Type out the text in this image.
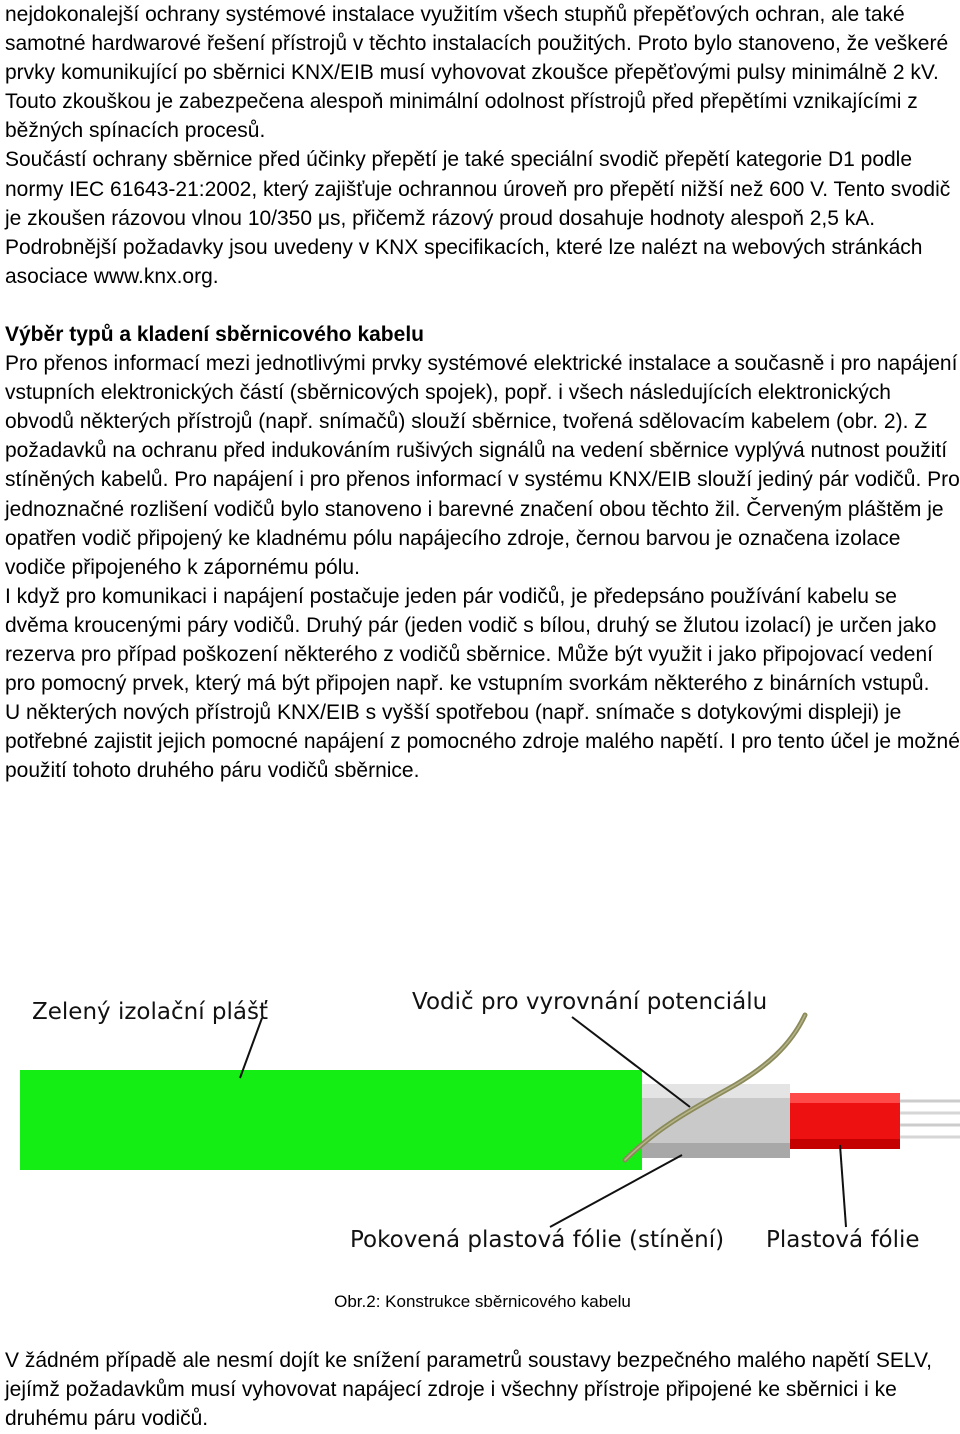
nejdokonalejší ochrany systémové instalace využitím všech stupňů přepěťových ochran, ale také samotné hardwarové řešení přístrojů v těchto instalacích použitých. Proto bylo stanoveno, že veškeré prvky komunikující po sběrnici KNX/EIB musí vyhovovat zkoušce přepěťovými pulsy minimálně 2 kV. Touto zkouškou je zabezpečena alespoň minimální odolnost přístrojů před přepětími vznikajícími z běžných spínacích procesů.

Součástí ochrany sběrnice před účinky přepětí je také speciální svodič přepětí kategorie D1 podle normy IEC 61643-21:2002, který zajišťuje ochrannou úroveň pro přepětí nižší než 600 V. Tento svodič je zkoušen rázovou vlnou 10/350 μs, přičemž rázový proud dosahuje hodnoty alespoň 2,5 kA.

Podrobnější požadavky jsou uvedeny v KNX specifikacích, které lze nalézt na webových stránkách asociace www.knx.org.

Výběr typů a kladení sběrnicového kabelu

Pro přenos informací mezi jednotlivými prvky systémové elektrické instalace a současně i pro napájení vstupních elektronických částí (sběrnicových spojek), popř. i všech následujících elektronických obvodů některých přístrojů (např. snímačů) slouží sběrnice, tvořená sdělovacím kabelem (obr. 2). Z požadavků na ochranu před indukováním rušivých signálů na vedení sběrnice vyplývá nutnost použití stíněných kabelů. Pro napájení i pro přenos informací v systému KNX/EIB slouží jediný pár vodičů. Pro jednoznačné rozlišení vodičů bylo stanoveno i barevné značení obou těchto žil. Červeným pláštěm je opatřen vodič připojený ke kladnému pólu napájecího zdroje, černou barvou je označena izolace vodiče připojeného k zápornému pólu.

I když pro komunikaci i napájení postačuje jeden pár vodičů, je předepsáno používání kabelu se dvěma kroucenými páry vodičů. Druhý pár (jeden vodič s bílou, druhý se žlutou izolací) je určen jako rezerva pro případ poškození některého z vodičů sběrnice. Může být využit i jako připojovací vedení pro pomocný prvek, který má být připojen např. ke vstupním svorkám některého z binárních vstupů.

U některých nových přístrojů KNX/EIB s vyšší spotřebou (např. snímače s dotykovými displeji) je potřebné zajistit jejich pomocné napájení z pomocného zdroje malého napětí. I pro tento účel je možné použití tohoto druhého páru vodičů sběrnice.

Zelený izolační plášť	Vodič pro vyrovnání potenciálu
Pokovená plastová fólie (stínění) Plastová fólie
Obr.2: Konstrukce sběrnicového kabelu

V žádném případě ale nesmí dojít ke snížení parametrů soustavy bezpečného malého napětí SELV, jejímž požadavkům musí vyhovovat napájecí zdroje i všechny přístroje připojené ke sběrnici i ke druhému páru vodičů.
